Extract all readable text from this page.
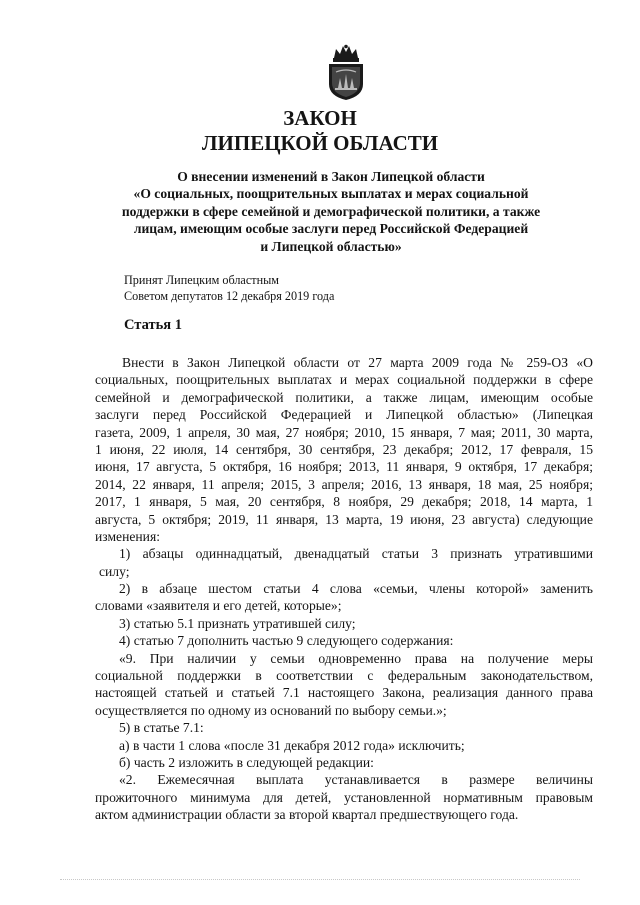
ЗАКОН

ЛИПЕЦКОЙ ОБЛАСТИ

О внесении изменений в Закон Липецкой области
«О социальных, поощрительных выплатах и мерах социальной
поддержки в сфере семейной и демографической политики, а также
лицам, имеющим особые заслуги перед Российской Федерацией
и Липецкой областью»

Принят Липецким областным
Советом депутатов 12 декабря 2019 года

Статья 1

Внести в Закон Липецкой области от 27 марта 2009 года № 259-ОЗ «О
социальных, поощрительных выплатах и мерах социальной поддержки в сфере
семейной и демографической политики, а также лицам, имеющим особые
заслуги перед Российской Федерацией и Липецкой областью» (Липецкая
газета, 2009, 1 апреля, 30 мая, 27 ноября; 2010, 15 января, 7 мая; 2011, 30 марта,
1 июня, 22 июля, 14 сентября, 30 сентября, 23 декабря; 2012, 17 февраля, 15
июня, 17 августа, 5 октября, 16 ноября; 2013, 11 января, 9 октября, 17 декабря;
2014, 22 января, 11 апреля; 2015, 3 апреля; 2016, 13 января, 18 мая, 25 ноября;
2017, 1 января, 5 мая, 20 сентября, 8 ноября, 29 декабря; 2018, 14 марта, 1
августа, 5 октября; 2019, 11 января, 13 марта, 19 июня, 23 августа) следующие
изменения:
1) абзацы одиннадцатый, двенадцатый статьи 3 признать утратившими
силу;
2) в абзаце шестом статьи 4 слова «семьи, члены которой» заменить
словами «заявителя и его детей, которые»;
3) статью 5.1 признать утратившей силу;
4) статью 7 дополнить частью 9 следующего содержания:
«9. При наличии у семьи одновременно права на получение меры
социальной поддержки в соответствии с федеральным законодательством,
настоящей статьей и статьей 7.1 настоящего Закона, реализация данного права
осуществляется по одному из оснований по выбору семьи.»;
5) в статье 7.1:
а) в части 1 слова «после 31 декабря 2012 года» исключить;
б) часть 2 изложить в следующей редакции:
«2. Ежемесячная выплата устанавливается в размере величины
прожиточного минимума для детей, установленной нормативным правовым
актом администрации области за второй квартал предшествующего года.
